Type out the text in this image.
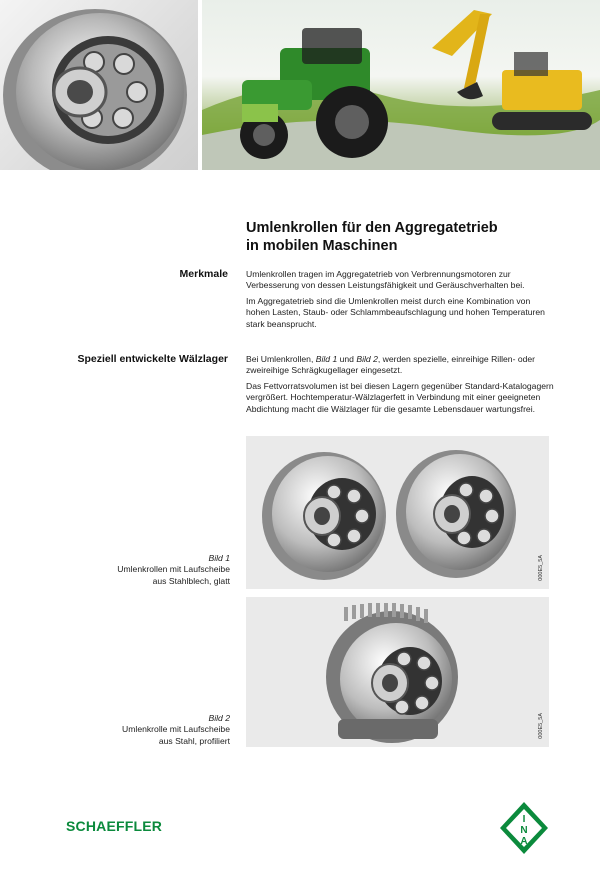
Umlenkrollen für den Aggregatetrieb
in mobilen Maschinen
Merkmale Umlenkrollen tragen im Aggregatetrieb von Verbrennungsmotoren zur Verbesserung von dessen Leistungsfähigkeit und Geräuschverhalten bei.

Im Aggregatetrieb sind die Umlenkrollen meist durch eine Kombination von hohen Lasten, Staub- oder Schlammbeaufschlagung und hohen Temperaturen stark beansprucht.

Speziell entwickelte Wälzlager Bei Umlenkrollen, Bild 1 und Bild 2, werden spezielle, einreihige Rillen- oder zweireihige Schrägkugellager eingesetzt.

Das Fettvorratsvolumen ist bei diesen Lagern gegenüber Standard-Katalogagern vergrößert. Hochtemperatur-Wälzlagerfett in Verbindung mit einer geeigneten Abdichtung macht die Wälzlager für die gesamte Lebensdauer wartungsfrei.

000E5_5A
Bild 1
Umlenkrollen mit Laufscheibe
aus Stahlblech, glatt
000E5_5A
Bild 2
Umlenkrolle mit Laufscheibe
aus Stahl, profiliert
SCHAEFFLER	I
N
A
